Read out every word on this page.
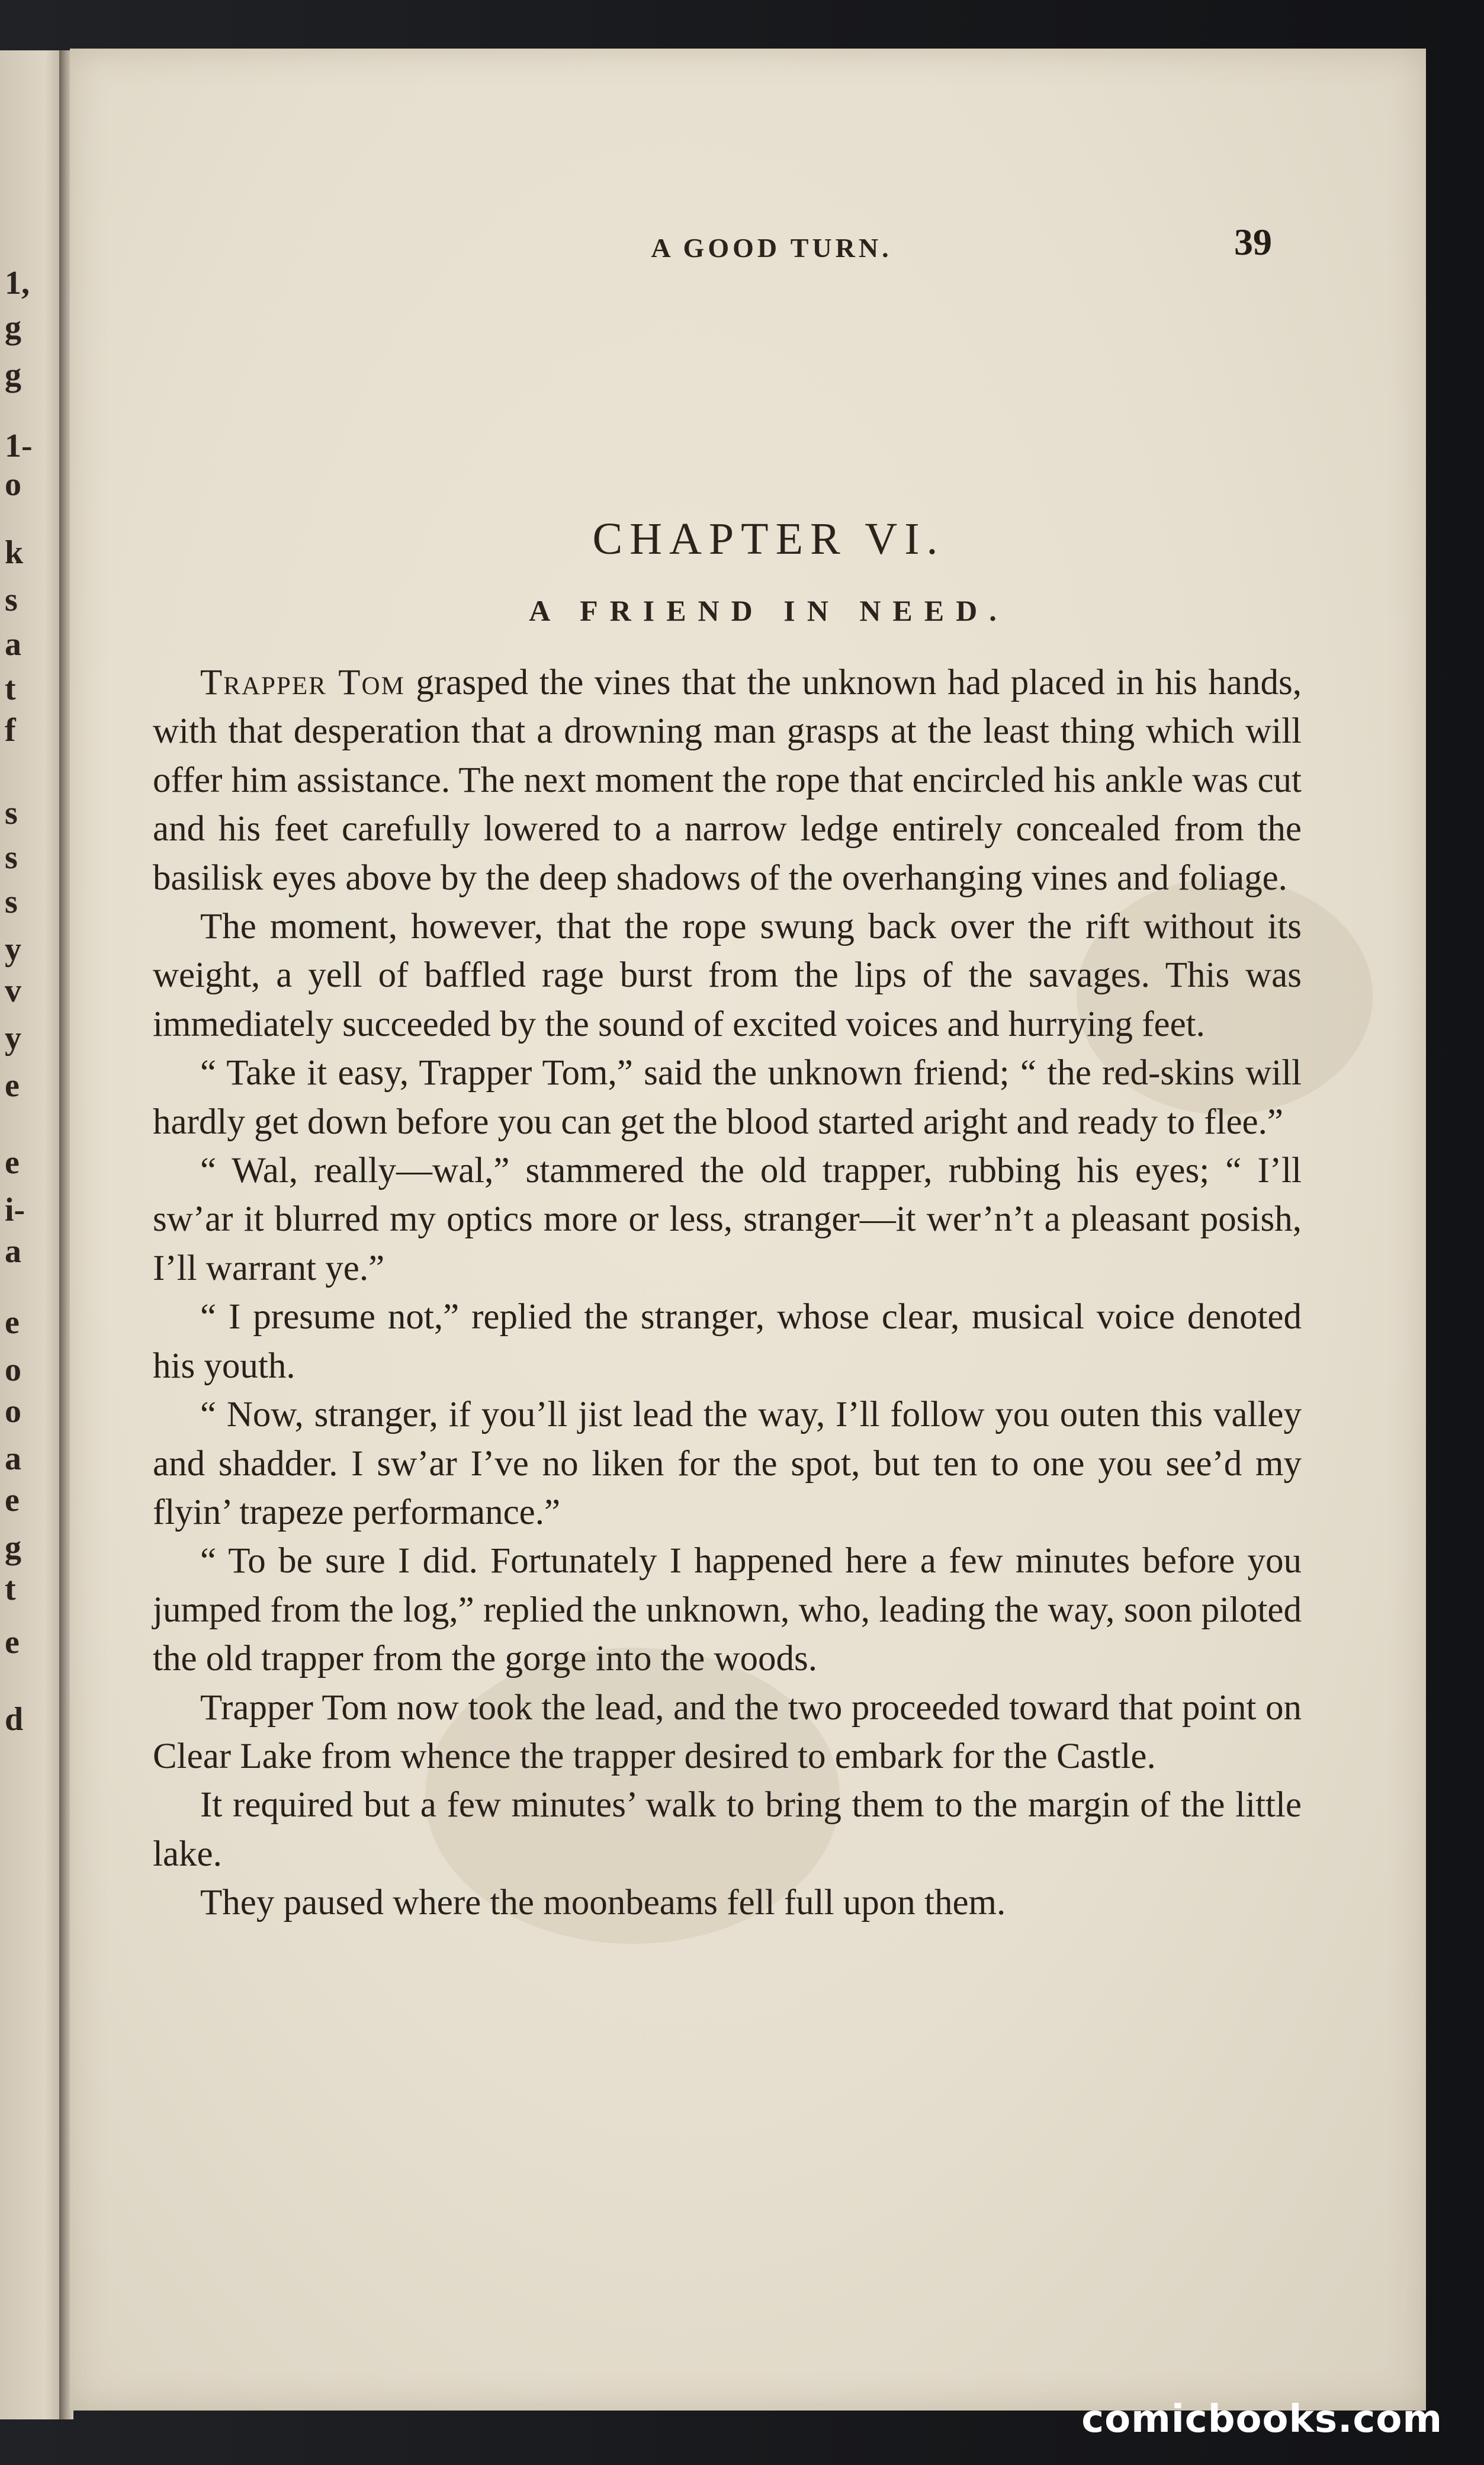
1,
g
g
1-
o
k
s
a
t
f
s
s
s
y
v
y
e
e
i-
a
e
o
o
a
e
g
t
e
d
A GOOD TURN.	39
CHAPTER VI.
A FRIEND IN NEED.

Trapper Tom grasped the vines that the unknown had placed in his hands, with that desperation that a drowning man grasps at the least thing which will offer him assistance. The next moment the rope that encircled his ankle was cut and his feet carefully lowered to a narrow ledge entirely concealed from the basilisk eyes above by the deep shadows of the overhanging vines and foliage.

The moment, however, that the rope swung back over the rift without its weight, a yell of baffled rage burst from the lips of the savages. This was immediately succeeded by the sound of excited voices and hurrying feet.

“ Take it easy, Trapper Tom,” said the unknown friend; “ the red-skins will hardly get down before you can get the blood started aright and ready to flee.”

“ Wal, really—wal,” stammered the old trapper, rubbing his eyes; “ I’ll sw’ar it blurred my optics more or less, stranger—it wer’n’t a pleasant posish, I’ll warrant ye.”

“ I presume not,” replied the stranger, whose clear, musical voice denoted his youth.

“ Now, stranger, if you’ll jist lead the way, I’ll follow you outen this valley and shadder. I sw’ar I’ve no liken for the spot, but ten to one you see’d my flyin’ trapeze performance.”

“ To be sure I did. Fortunately I happened here a few minutes before you jumped from the log,” replied the unknown, who, leading the way, soon piloted the old trapper from the gorge into the woods.

Trapper Tom now took the lead, and the two proceeded toward that point on Clear Lake from whence the trapper desired to embark for the Castle.

It required but a few minutes’ walk to bring them to the margin of the little lake.

They paused where the moonbeams fell full upon them.

comicbooks.com
